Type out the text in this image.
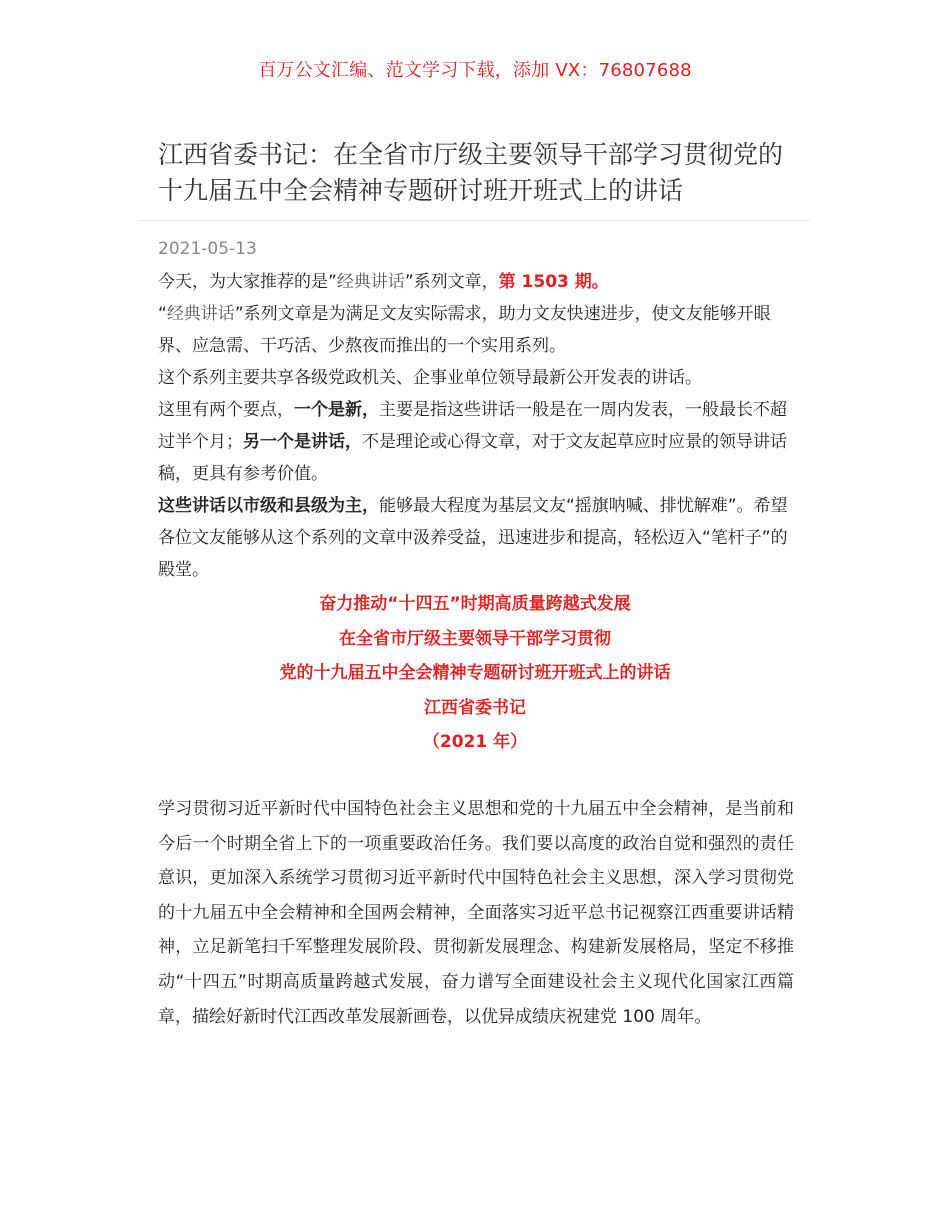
百万公文汇编、范文学习下载，添加 VX：76807688
江西省委书记：在全省市厅级主要领导干部学习贯彻党的十九届五中全会精神专题研讨班开班式上的讲话
2021-05-13

今天，为大家推荐的是”经典讲话”系列文章，第 1503 期。

“经典讲话”系列文章是为满足文友实际需求，助力文友快速进步，使文友能够开眼界、应急需、干巧活、少熬夜而推出的一个实用系列。

这个系列主要共享各级党政机关、企事业单位领导最新公开发表的讲话。

这里有两个要点，一个是新，主要是指这些讲话一般是在一周内发表，一般最长不超过半个月；另一个是讲话，不是理论或心得文章，对于文友起草应时应景的领导讲话稿，更具有参考价值。

这些讲话以市级和县级为主，能够最大程度为基层文友“摇旗呐喊、排忧解难”。希望各位文友能够从这个系列的文章中汲养受益，迅速进步和提高，轻松迈入“笔杆子”的殿堂。

奋力推动“十四五”时期高质量跨越式发展
在全省市厅级主要领导干部学习贯彻
党的十九届五中全会精神专题研讨班开班式上的讲话
江西省委书记
（2021 年）

学习贯彻习近平新时代中国特色社会主义思想和党的十九届五中全会精神，是当前和今后一个时期全省上下的一项重要政治任务。我们要以高度的政治自觉和强烈的责任意识，更加深入系统学习贯彻习近平新时代中国特色社会主义思想，深入学习贯彻党的十九届五中全会精神和全国两会精神，全面落实习近平总书记视察江西重要讲话精神，立足新笔扫千军整理发展阶段、贯彻新发展理念、构建新发展格局，坚定不移推动“十四五”时期高质量跨越式发展，奋力谱写全面建设社会主义现代化国家江西篇章，描绘好新时代江西改革发展新画卷，以优异成绩庆祝建党 100 周年。
